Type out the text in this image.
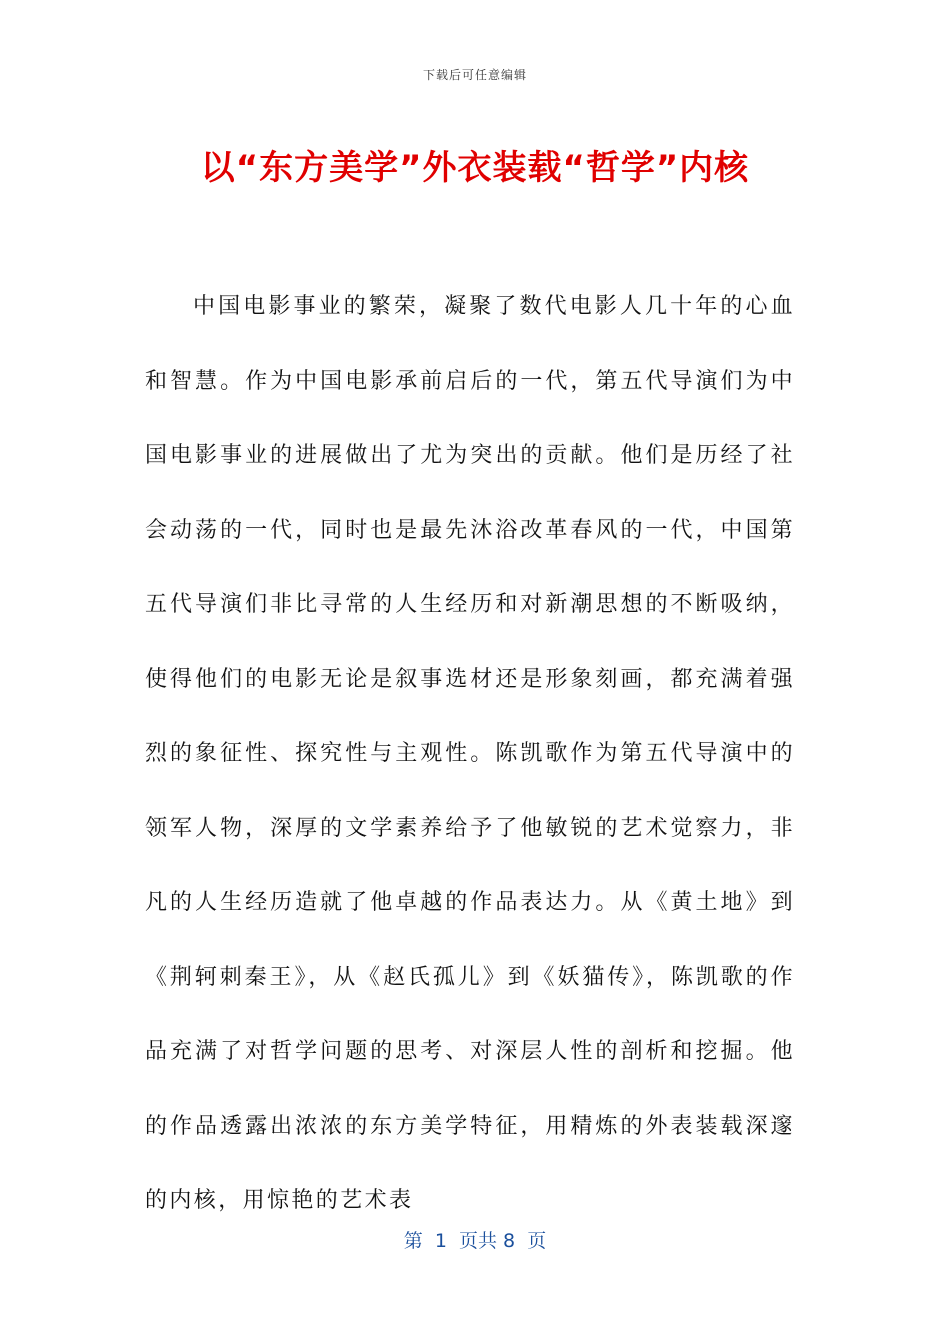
下载后可任意编辑
以“东方美学”外衣装载“哲学”内核

中国电影事业的繁荣，凝聚了数代电影人几十年的心血和智慧。作为中国电影承前启后的一代，第五代导演们为中国电影事业的进展做出了尤为突出的贡献。他们是历经了社会动荡的一代，同时也是最先沐浴改革春风的一代，中国第五代导演们非比寻常的人生经历和对新潮思想的不断吸纳，使得他们的电影无论是叙事选材还是形象刻画，都充满着强烈的象征性、探究性与主观性。陈凯歌作为第五代导演中的领军人物，深厚的文学素养给予了他敏锐的艺术觉察力，非凡的人生经历造就了他卓越的作品表达力。从《黄土地》到《荆轲刺秦王》，从《赵氏孤儿》到《妖猫传》，陈凯歌的作品充满了对哲学问题的思考、对深层人性的剖析和挖掘。他的作品透露出浓浓的东方美学特征，用精炼的外表装载深邃的内核，用惊艳的艺术表

第  1  页共 8  页
